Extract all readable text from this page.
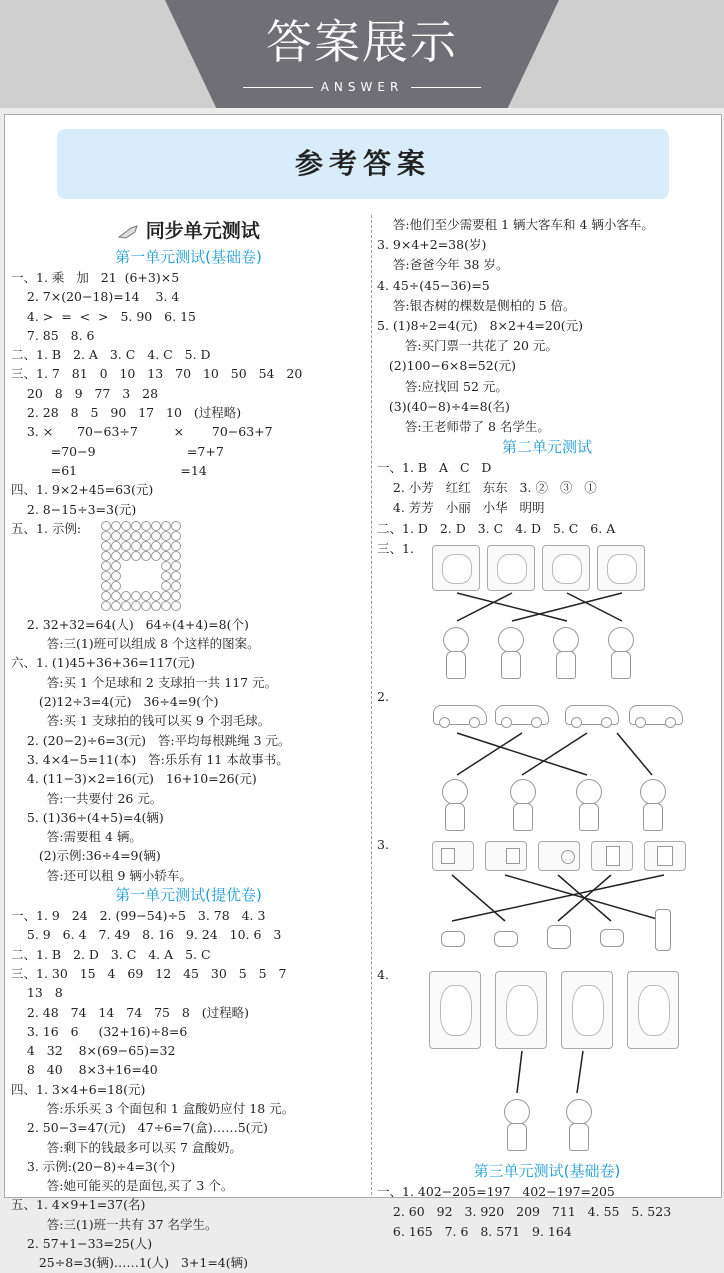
答案展示
ANSWER
参考答案
同步单元测试
第一单元测试(基础卷)
一、1. 乘   加   21  (6+3)×5
2. 7×(20−18)=14    3. 4
4. >  =  <  >   5. 90   6. 15
7. 85   8. 6
二、1. B   2. A   3. C   4. C   5. D
三、1. 7   81   0   10   13   70   10   50   54   20
20   8   9   77   3   28
2. 28   8   5   90   17   10   (过程略)
3. ×      70−63÷7         ×       70−63+7
=70−9                       =7+7
=61                          =14
四、1. 9×2+45=63(元)
2. 8−15÷3=3(元)
五、1. 示例:
2. 32+32=64(人)   64÷(4+4)=8(个)
答:三(1)班可以组成 8 个这样的图案。
六、1. (1)45+36+36=117(元)
答:买 1 个足球和 2 支球拍一共 117 元。
(2)12÷3=4(元)   36÷4=9(个)
答:买 1 支球拍的钱可以买 9 个羽毛球。
2. (20−2)÷6=3(元)   答:平均每根跳绳 3 元。
3. 4×4−5=11(本)   答:乐乐有 11 本故事书。
4. (11−3)×2=16(元)   16+10=26(元)
答:一共要付 26 元。
5. (1)36÷(4+5)=4(辆)
答:需要租 4 辆。
(2)示例:36÷4=9(辆)
答:还可以租 9 辆小轿车。
第一单元测试(提优卷)
一、1. 9   24   2. (99−54)÷5   3. 78   4. 3
5. 9   6. 4   7. 49   8. 16   9. 24   10. 6   3
二、1. B   2. D   3. C   4. A   5. C
三、1. 30   15   4   69   12   45   30   5   5   7
13   8
2. 48   74   14   74   75   8   (过程略)
3. 16   6     (32+16)÷8=6
4   32    8×(69−65)=32
8   40    8×3+16=40
四、1. 3×4+6=18(元)
答:乐乐买 3 个面包和 1 盒酸奶应付 18 元。
2. 50−3=47(元)   47÷6=7(盒)……5(元)
答:剩下的钱最多可以买 7 盒酸奶。
3. 示例:(20−8)÷4=3(个)
答:她可能买的是面包,买了 3 个。
五、1. 4×9+1=37(名)
答:三(1)班一共有 37 名学生。
2. 57+1−33=25(人)
25÷8=3(辆)……1(人)   3+1=4(辆)
答:他们至少需要租 1 辆大客车和 4 辆小客车。
3. 9×4+2=38(岁)
答:爸爸今年 38 岁。
4. 45÷(45−36)=5
答:银杏树的棵数是侧柏的 5 倍。
5. (1)8÷2=4(元)   8×2+4=20(元)
答:买门票一共花了 20 元。
(2)100−6×8=52(元)
答:应找回 52 元。
(3)(40−8)÷4=8(名)
答:王老师带了 8 名学生。
第二单元测试
一、1. B   A   C   D
2. 小芳   红红   东东   3. ②   ③   ①
4. 芳芳   小丽   小华   明明
二、1. D   2. D   3. C   4. D   5. C   6. A
三、1.
2.
3.
4.
第三单元测试(基础卷)
一、1. 402−205=197   402−197=205
2. 60   92   3. 920   209   711   4. 55   5. 523
6. 165   7. 6   8. 571   9. 164
